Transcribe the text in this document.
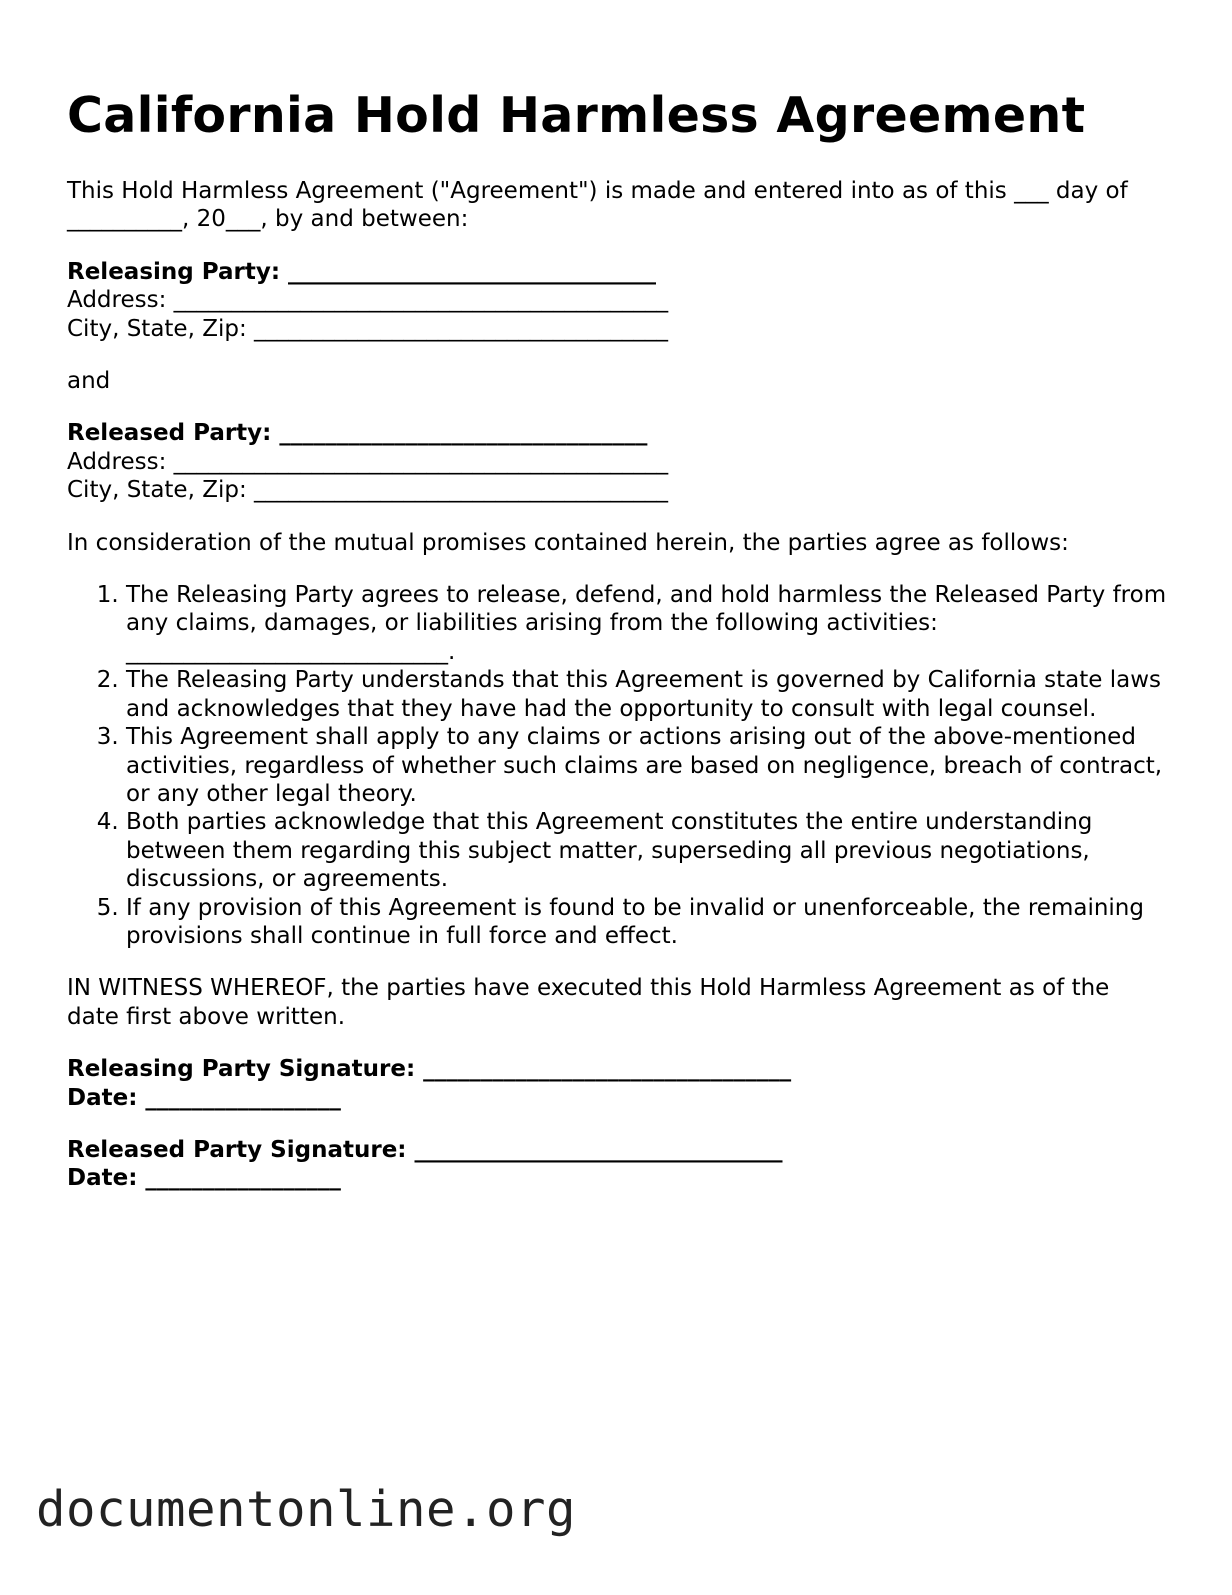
California Hold Harmless Agreement

This Hold Harmless Agreement ("Agreement") is made and entered into as of this ___ day of __________, 20___, by and between:

Releasing Party: ________________________________
Address: ___________________________________________
City, State, Zip: ____________________________________

and

Released Party: ________________________________
Address: ___________________________________________
City, State, Zip: ____________________________________

In consideration of the mutual promises contained herein, the parties agree as follows:

1. The Releasing Party agrees to release, defend, and hold harmless the Released Party from any claims, damages, or liabilities arising from the following activities: ____________________________.
2. The Releasing Party understands that this Agreement is governed by California state laws and acknowledges that they have had the opportunity to consult with legal counsel.
3. This Agreement shall apply to any claims or actions arising out of the above-mentioned activities, regardless of whether such claims are based on negligence, breach of contract, or any other legal theory.
4. Both parties acknowledge that this Agreement constitutes the entire understanding between them regarding this subject matter, superseding all previous negotiations, discussions, or agreements.
5. If any provision of this Agreement is found to be invalid or unenforceable, the remaining provisions shall continue in full force and effect.

IN WITNESS WHEREOF, the parties have executed this Hold Harmless Agreement as of the date first above written.

Releasing Party Signature: ________________________________
Date: _________________
Released Party Signature: ________________________________
Date: _________________
documentonline.org
